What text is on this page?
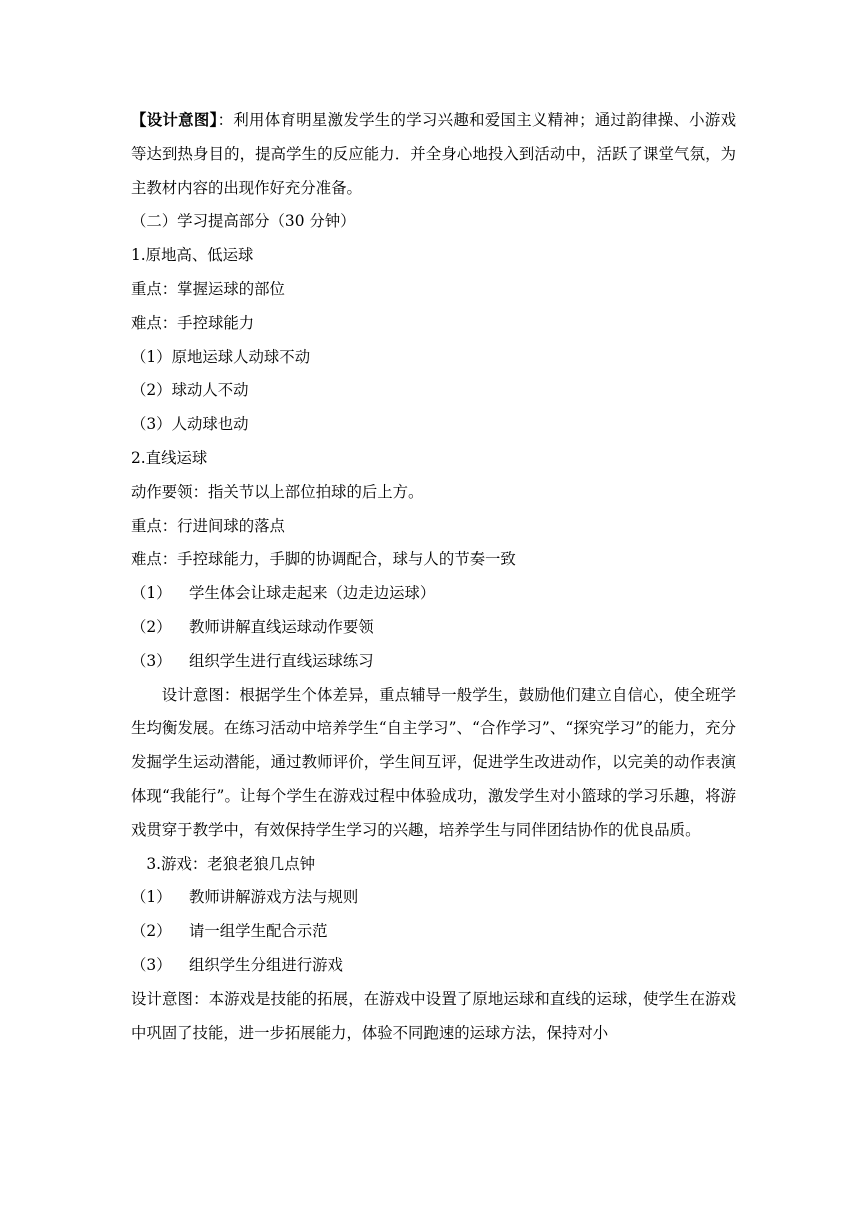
【设计意图】：利用体育明星激发学生的学习兴趣和爱国主义精神；通过韵律操、小游戏等达到热身目的，提高学生的反应能力．并全身心地投入到活动中，活跃了课堂气氛，为主教材内容的出现作好充分准备。
（二）学习提高部分（30 分钟）
1.原地高、低运球
重点：掌握运球的部位
难点：手控球能力
（1）原地运球人动球不动
（2）球动人不动
（3）人动球也动
2.直线运球
动作要领：指关节以上部位拍球的后上方。
重点：行进间球的落点
难点：手控球能力，手脚的协调配合，球与人的节奏一致
（1）	学生体会让球走起来（边走边运球）
（2）	教师讲解直线运球动作要领
（3）	组织学生进行直线运球练习
设计意图：根据学生个体差异，重点辅导一般学生，鼓励他们建立自信心，使全班学生均衡发展。在练习活动中培养学生“自主学习”、“合作学习”、“探究学习”的能力，充分发掘学生运动潜能，通过教师评价，学生间互评，促进学生改进动作，以完美的动作表演体现“我能行”。让每个学生在游戏过程中体验成功，激发学生对小篮球的学习乐趣，将游戏贯穿于教学中，有效保持学生学习的兴趣，培养学生与同伴团结协作的优良品质。
3.游戏：老狼老狼几点钟
（1）	教师讲解游戏方法与规则
（2）	请一组学生配合示范
（3）	组织学生分组进行游戏
设计意图：本游戏是技能的拓展，在游戏中设置了原地运球和直线的运球，使学生在游戏中巩固了技能，进一步拓展能力，体验不同跑速的运球方法，保持对小
